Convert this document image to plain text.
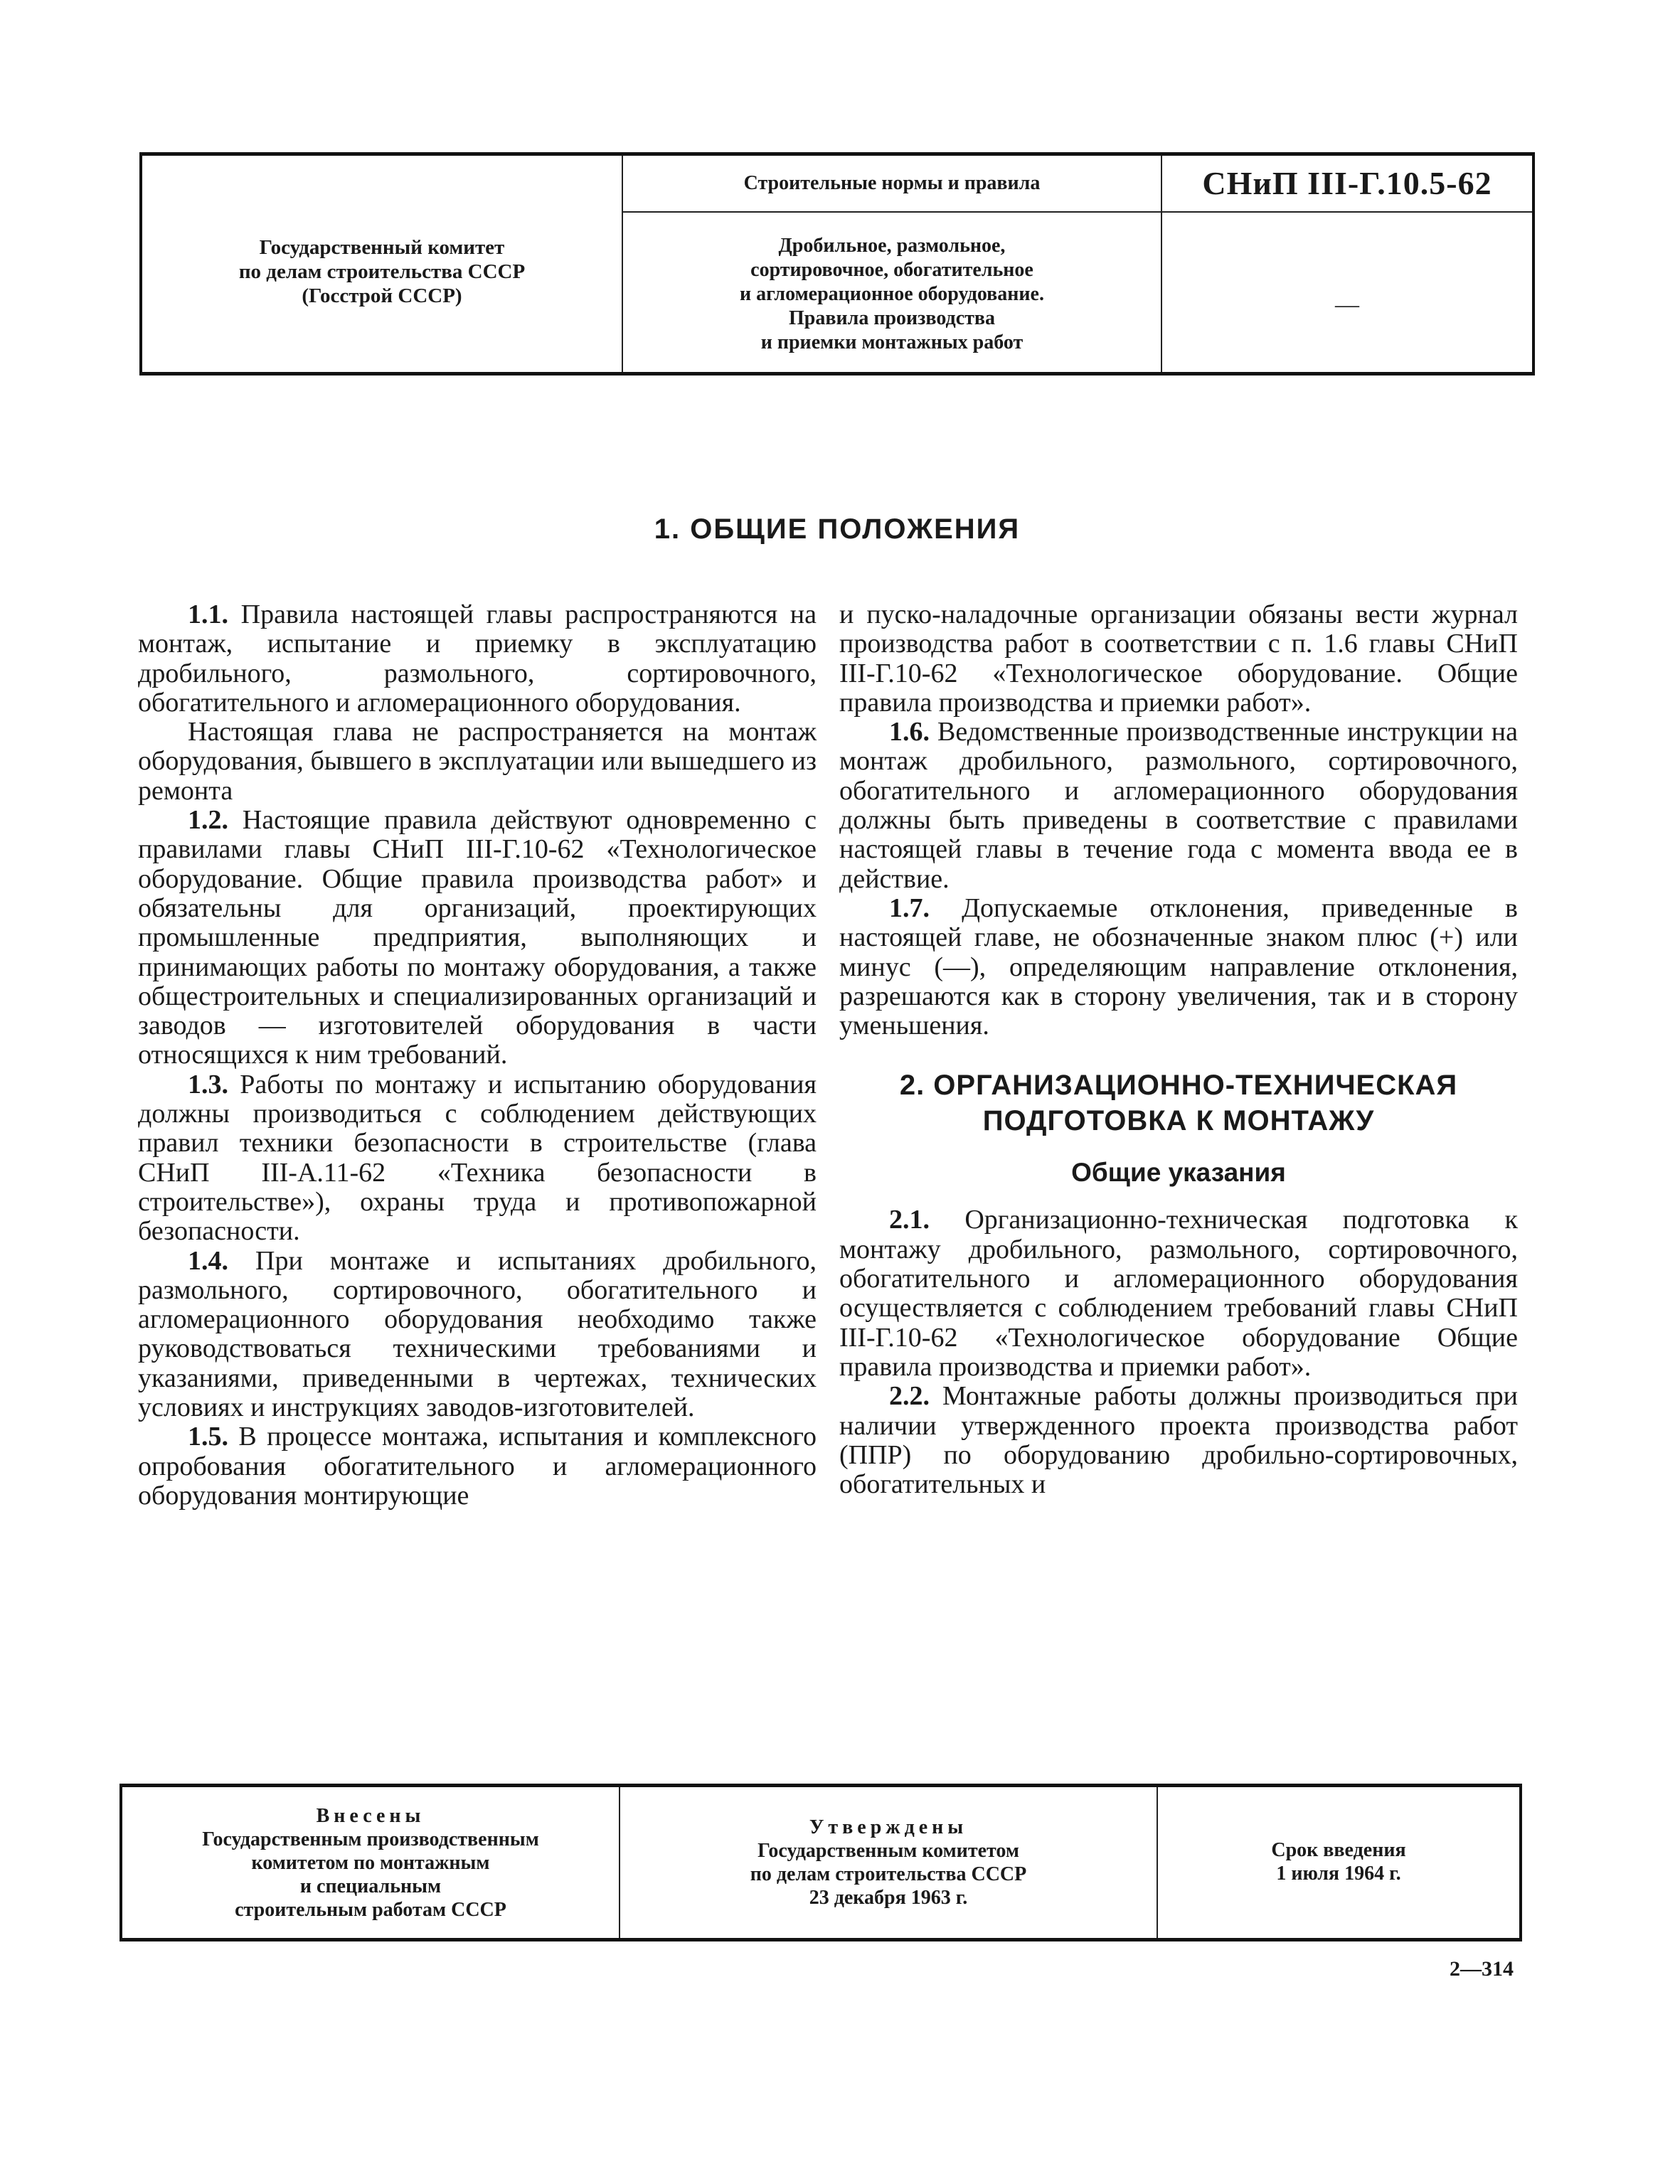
Государственный комитет
по делам строительства СССР
(Госстрой СССР)
Строительные нормы и правила
Дробильное, размольное,
сортировочное, обогатительное
и агломерационное оборудование.
Правила производства
и приемки монтажных работ
СНиП III-Г.10.5-62
—
1. ОБЩИЕ ПОЛОЖЕНИЯ

1.1. Правила настоящей главы распространяются на монтаж, испытание и приемку в эксплуатацию дробильного, размольного, сортировочного, обогатительного и агломерационного оборудования.

Настоящая глава не распространяется на монтаж оборудования, бывшего в эксплуатации или вышедшего из ремонта

1.2. Настоящие правила действуют одновременно с правилами главы СНиП III-Г.10-62 «Технологическое оборудование. Общие правила производства работ» и обязательны для организаций, проектирующих промышленные предприятия, выполняющих и принимающих работы по монтажу оборудования, а также общестроительных и специализированных организаций и заводов — изготовителей оборудования в части относящихся к ним требований.

1.3. Работы по монтажу и испытанию оборудования должны производиться с соблюдением действующих правил техники безопасности в строительстве (глава СНиП III-А.11-62 «Техника безопасности в строительстве»), охраны труда и противопожарной безопасности.

1.4. При монтаже и испытаниях дробильного, размольного, сортировочного, обогатительного и агломерационного оборудования необходимо также руководствоваться техническими требованиями и указаниями, приведенными в чертежах, технических условиях и инструкциях заводов-изготовителей.

1.5. В процессе монтажа, испытания и комплексного опробования обогатительного и агломерационного оборудования монтирующие

и пуско-наладочные организации обязаны вести журнал производства работ в соответствии с п. 1.6 главы СНиП III-Г.10-62 «Технологическое оборудование. Общие правила производства и приемки работ».

1.6. Ведомственные производственные инструкции на монтаж дробильного, размольного, сортировочного, обогатительного и агломерационного оборудования должны быть приведены в соответствие с правилами настоящей главы в течение года с момента ввода ее в действие.

1.7. Допускаемые отклонения, приведенные в настоящей главе, не обозначенные знаком плюс (+) или минус (—), определяющим направление отклонения, разрешаются как в сторону увеличения, так и в сторону уменьшения.

2. ОРГАНИЗАЦИОННО-ТЕХНИЧЕСКАЯ
ПОДГОТОВКА К МОНТАЖУ
Общие указания

2.1. Организационно-техническая подготовка к монтажу дробильного, размольного, сортировочного, обогатительного и агломерационного оборудования осуществляется с соблюдением требований главы СНиП III-Г.10-62 «Технологическое оборудование Общие правила производства и приемки работ».

2.2. Монтажные работы должны производиться при наличии утвержденного проекта производства работ (ППР) по оборудованию дробильно-сортировочных, обогатительных и

Внесены
Государственным производственным
комитетом по монтажным
и специальным
строительным работам СССР
Утверждены
Государственным комитетом
по делам строительства СССР
23 декабря 1963 г.
Срок введения
1 июля 1964 г.
2—314
